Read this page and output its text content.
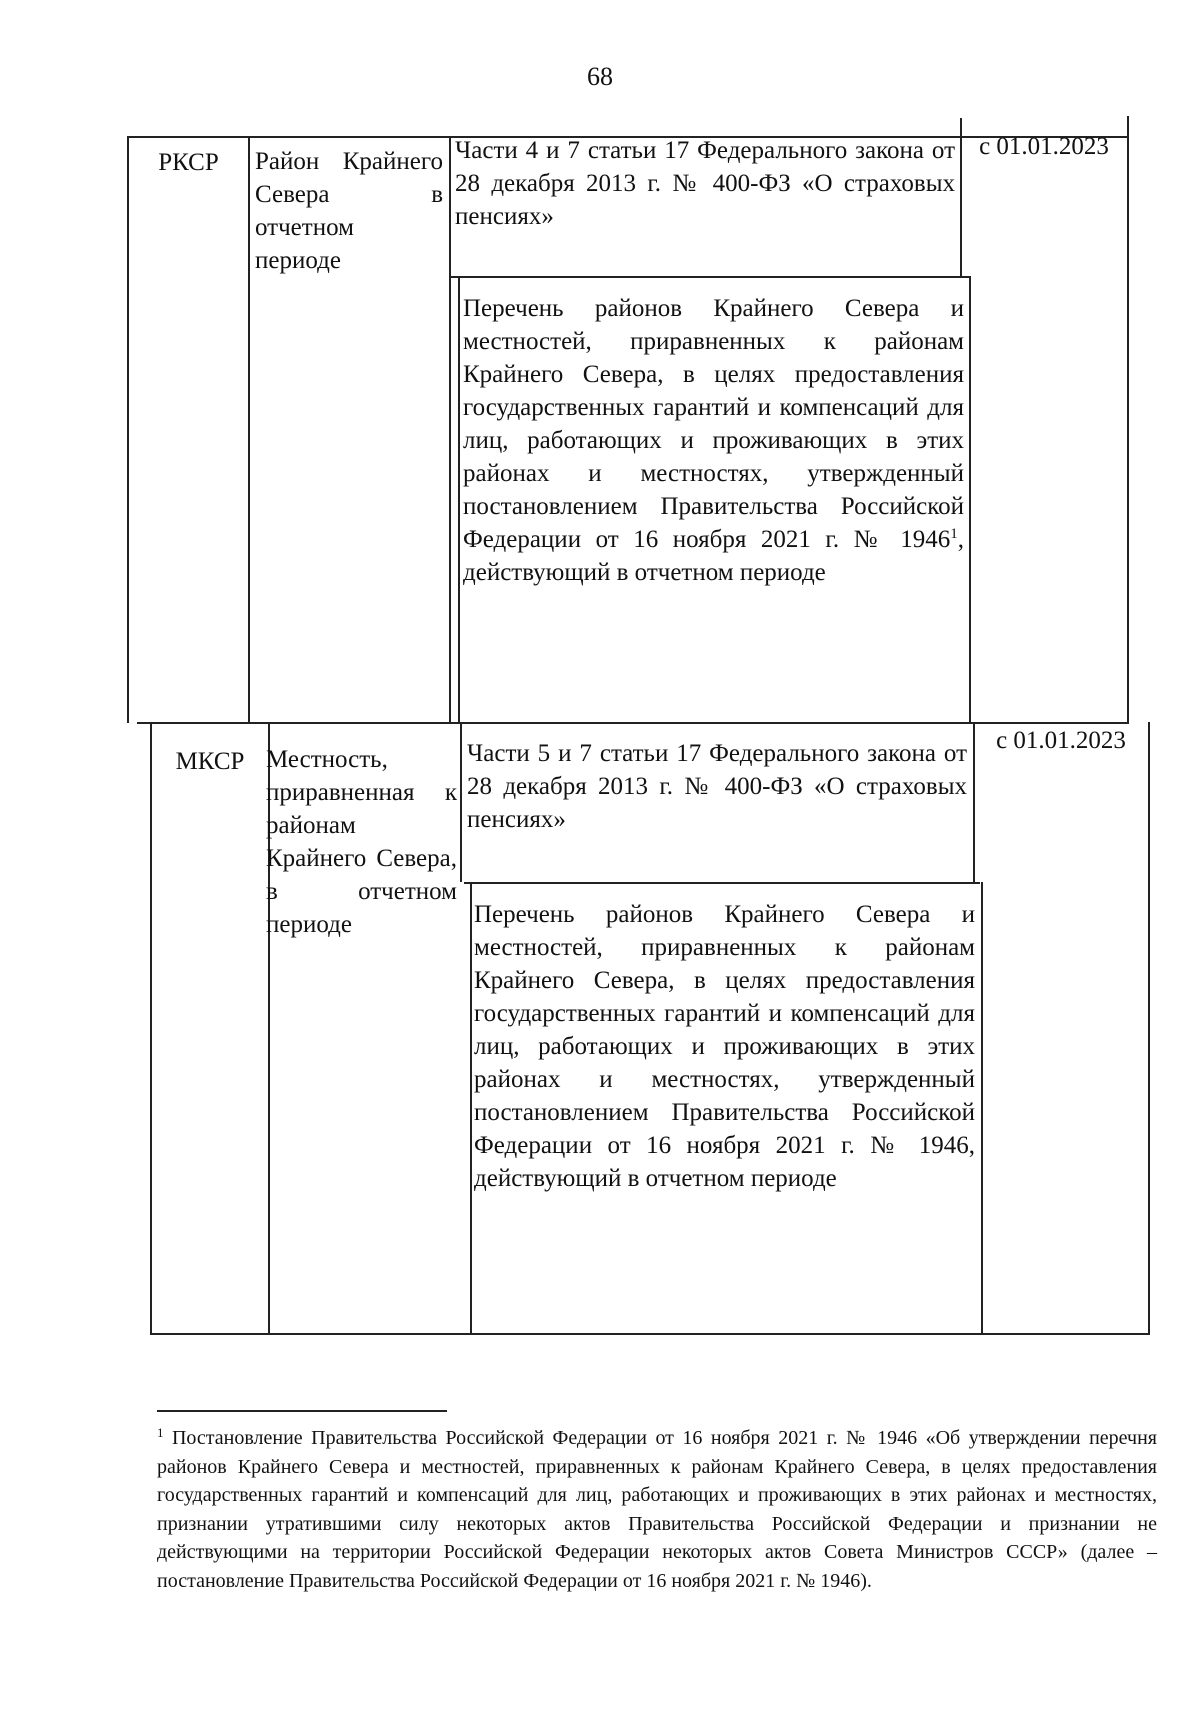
68
РКСР	Район Крайнего Севера в отчетном периоде
Части 4 и 7 статьи 17 Федерального закона от 28 декабря 2013 г. № 400-ФЗ «О страховых пенсиях»
Перечень районов Крайнего Севера и местностей, приравненных к районам Крайнего Севера, в целях предоставления государственных гарантий и компенсаций для лиц, работающих и проживающих в этих районах и местностях, утвержденный постановлением Правительства Российской Федерации от 16 ноября 2021 г. № 1946$^1$, действующий в отчетном периоде
с 01.01.2023
МКСР Местность, приравненная к районам Крайнего Севера, в отчетном периоде
Части 5 и 7 статьи 17 Федерального закона от 28 декабря 2013 г. № 400-ФЗ «О страховых пенсиях»
Перечень районов Крайнего Севера и местностей, приравненных к районам Крайнего Севера, в целях предоставления государственных гарантий и компенсаций для лиц, работающих и проживающих в этих районах и местностях, утвержденный постановлением Правительства Российской Федерации от 16 ноября 2021 г. № 1946, действующий в отчетном периоде
с 01.01.2023
$^1$ Постановление Правительства Российской Федерации от 16 ноября 2021 г. № 1946 «Об утверждении перечня районов Крайнего Севера и местностей, приравненных к районам Крайнего Севера, в целях предоставления государственных гарантий и компенсаций для лиц, работающих и проживающих в этих районах и местностях, признании утратившими силу некоторых актов Правительства Российской Федерации и признании не действующими на территории Российской Федерации некоторых актов Совета Министров СССР» (далее – постановление Правительства Российской Федерации от 16 ноября 2021 г. № 1946).
